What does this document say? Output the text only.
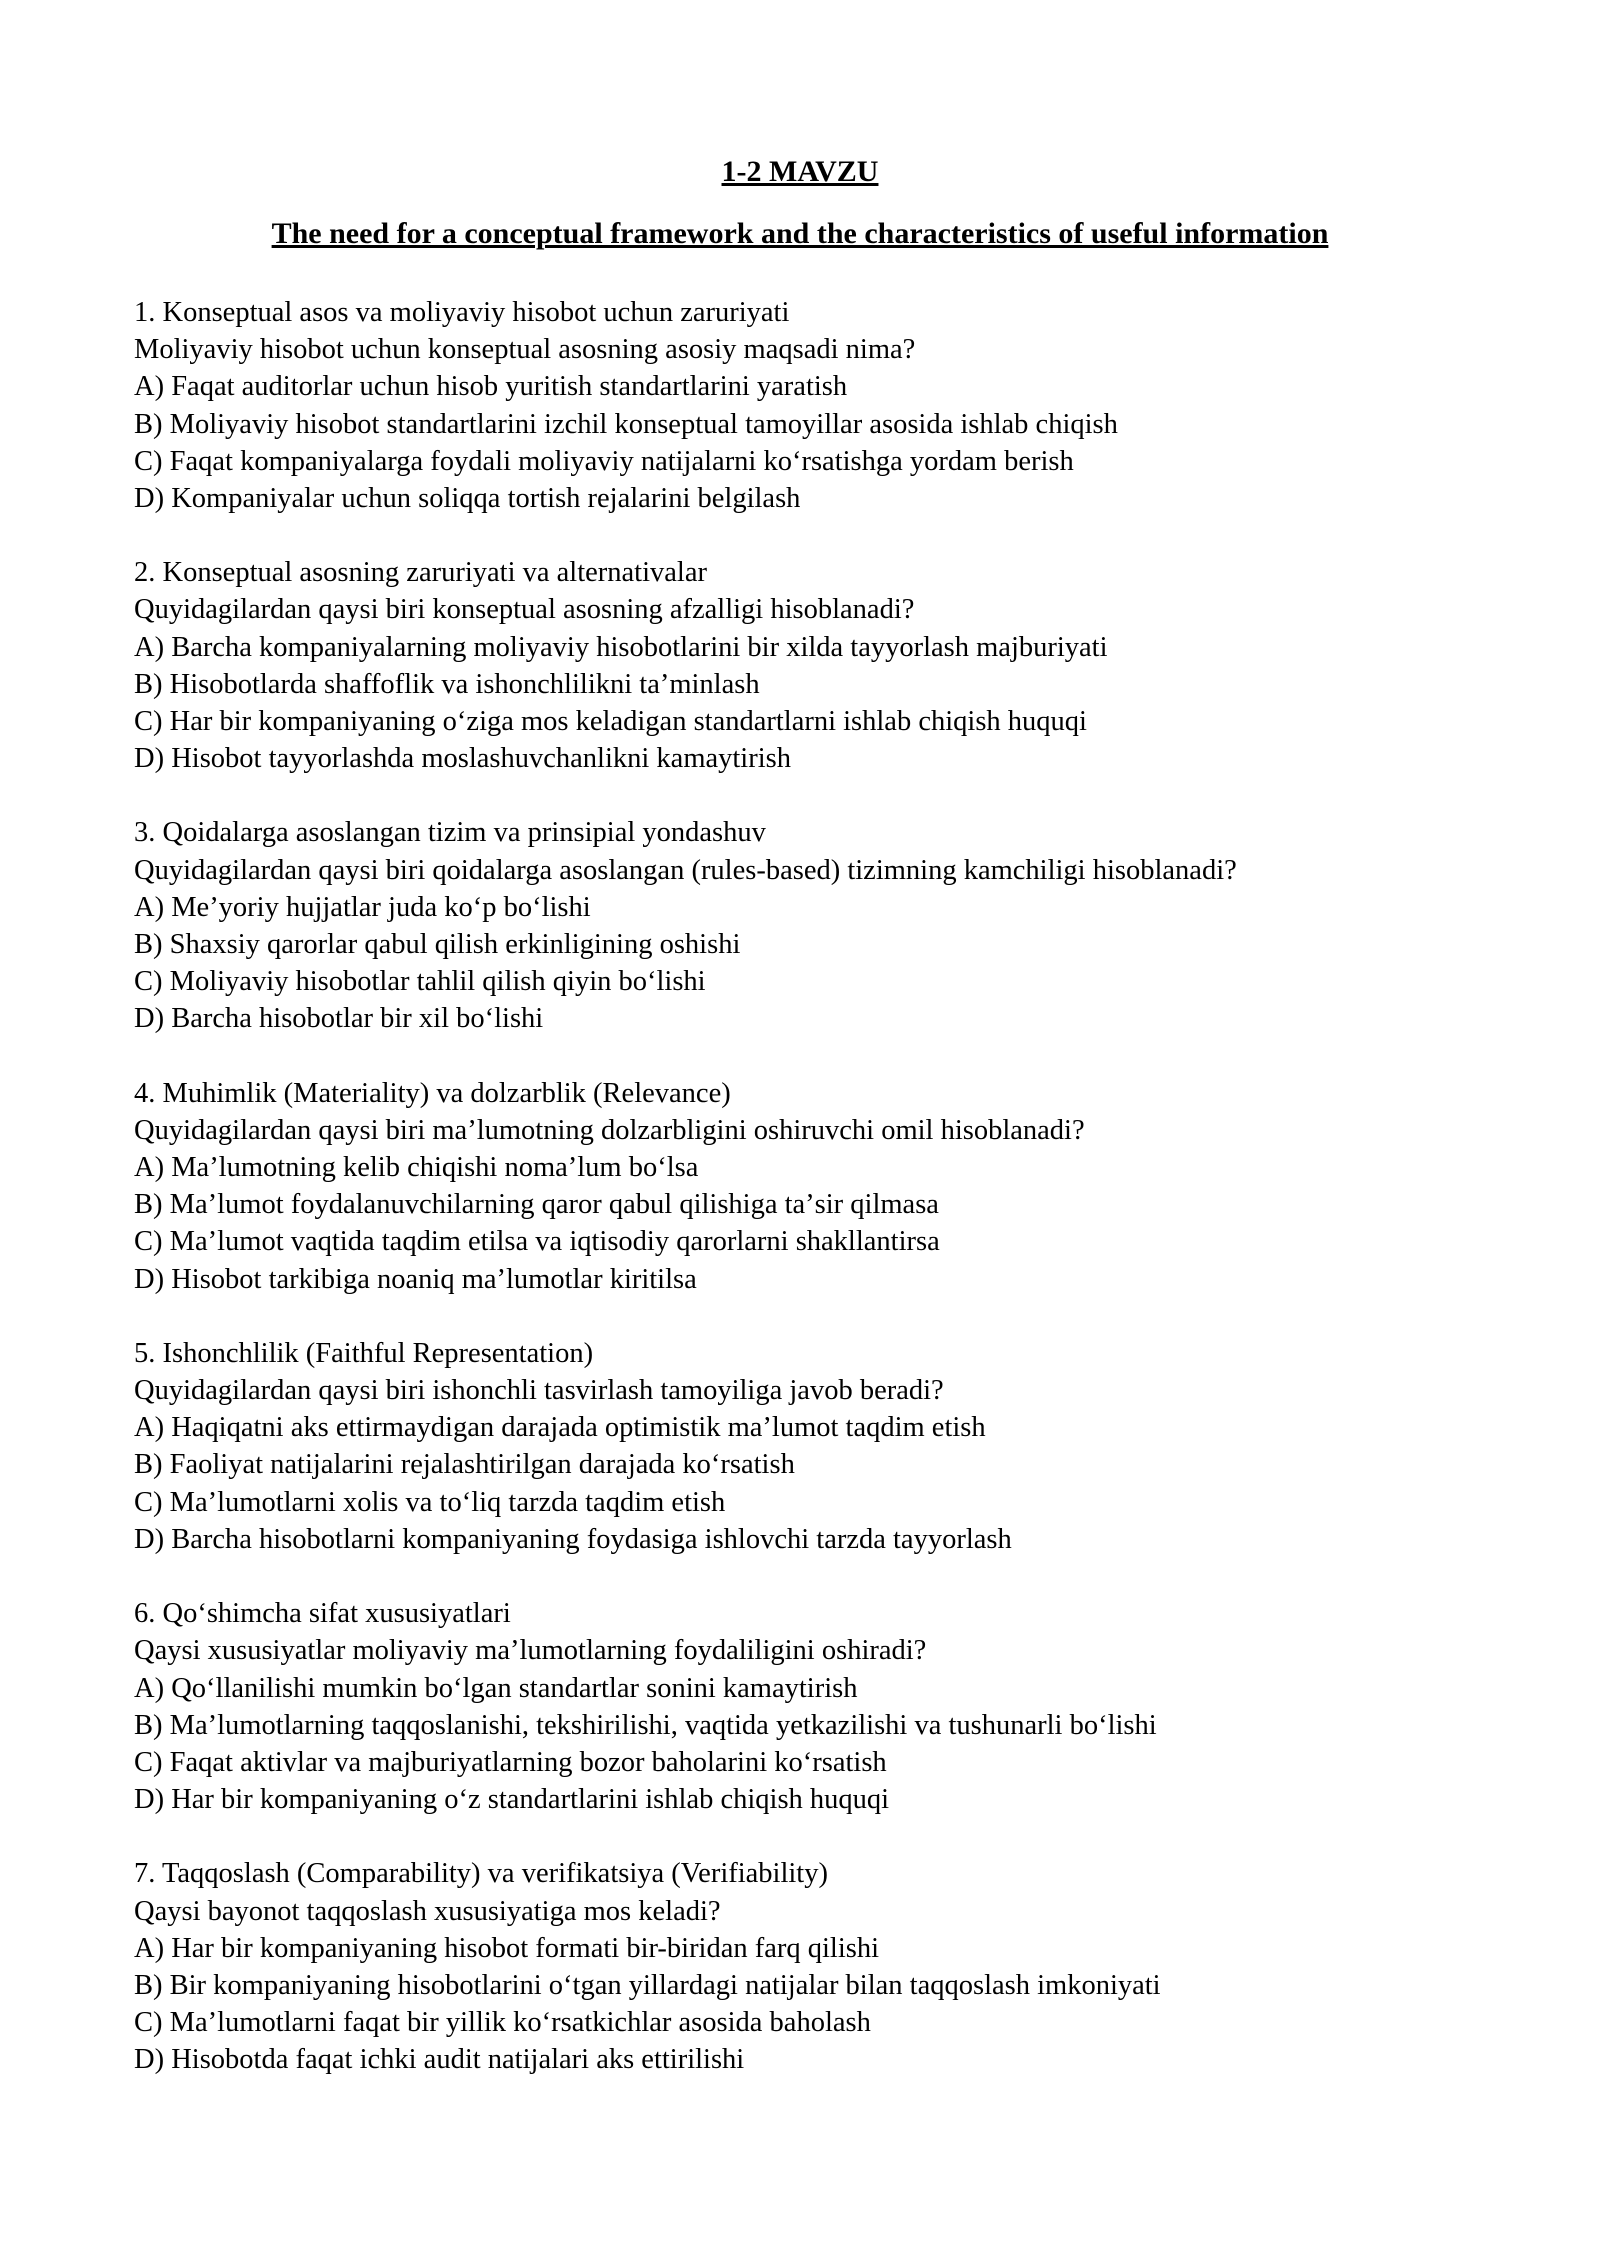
1-2 MAVZU
The need for a conceptual framework and the characteristics of useful information

1. Konseptual asos va moliyaviy hisobot uchun zaruriyati

Moliyaviy hisobot uchun konseptual asosning asosiy maqsadi nima?

A) Faqat auditorlar uchun hisob yuritish standartlarini yaratish

B) Moliyaviy hisobot standartlarini izchil konseptual tamoyillar asosida ishlab chiqish

C) Faqat kompaniyalarga foydali moliyaviy natijalarni koʻrsatishga yordam berish

D) Kompaniyalar uchun soliqqa tortish rejalarini belgilash

2. Konseptual asosning zaruriyati va alternativalar

Quyidagilardan qaysi biri konseptual asosning afzalligi hisoblanadi?

A) Barcha kompaniyalarning moliyaviy hisobotlarini bir xilda tayyorlash majburiyati

B) Hisobotlarda shaffoflik va ishonchlilikni taʼminlash

C) Har bir kompaniyaning oʻziga mos keladigan standartlarni ishlab chiqish huquqi

D) Hisobot tayyorlashda moslashuvchanlikni kamaytirish

3. Qoidalarga asoslangan tizim va prinsipial yondashuv

Quyidagilardan qaysi biri qoidalarga asoslangan (rules-based) tizimning kamchiligi hisoblanadi?

A) Meʼyoriy hujjatlar juda koʻp boʻlishi

B) Shaxsiy qarorlar qabul qilish erkinligining oshishi

C) Moliyaviy hisobotlar tahlil qilish qiyin boʻlishi

D) Barcha hisobotlar bir xil boʻlishi

4. Muhimlik (Materiality) va dolzarblik (Relevance)

Quyidagilardan qaysi biri maʼlumotning dolzarbligini oshiruvchi omil hisoblanadi?

A) Maʼlumotning kelib chiqishi nomaʼlum boʻlsa

B) Maʼlumot foydalanuvchilarning qaror qabul qilishiga taʼsir qilmasa

C) Maʼlumot vaqtida taqdim etilsa va iqtisodiy qarorlarni shakllantirsa

D) Hisobot tarkibiga noaniq maʼlumotlar kiritilsa

5. Ishonchlilik (Faithful Representation)

Quyidagilardan qaysi biri ishonchli tasvirlash tamoyiliga javob beradi?

A) Haqiqatni aks ettirmaydigan darajada optimistik maʼlumot taqdim etish

B) Faoliyat natijalarini rejalashtirilgan darajada koʻrsatish

C) Maʼlumotlarni xolis va toʻliq tarzda taqdim etish

D) Barcha hisobotlarni kompaniyaning foydasiga ishlovchi tarzda tayyorlash

6. Qoʻshimcha sifat xususiyatlari

Qaysi xususiyatlar moliyaviy maʼlumotlarning foydaliligini oshiradi?

A) Qoʻllanilishi mumkin boʻlgan standartlar sonini kamaytirish

B) Maʼlumotlarning taqqoslanishi, tekshirilishi, vaqtida yetkazilishi va tushunarli boʻlishi

C) Faqat aktivlar va majburiyatlarning bozor baholarini koʻrsatish

D) Har bir kompaniyaning oʻz standartlarini ishlab chiqish huquqi

7. Taqqoslash (Comparability) va verifikatsiya (Verifiability)

Qaysi bayonot taqqoslash xususiyatiga mos keladi?

A) Har bir kompaniyaning hisobot formati bir-biridan farq qilishi

B) Bir kompaniyaning hisobotlarini oʻtgan yillardagi natijalar bilan taqqoslash imkoniyati

C) Maʼlumotlarni faqat bir yillik koʻrsatkichlar asosida baholash

D) Hisobotda faqat ichki audit natijalari aks ettirilishi
